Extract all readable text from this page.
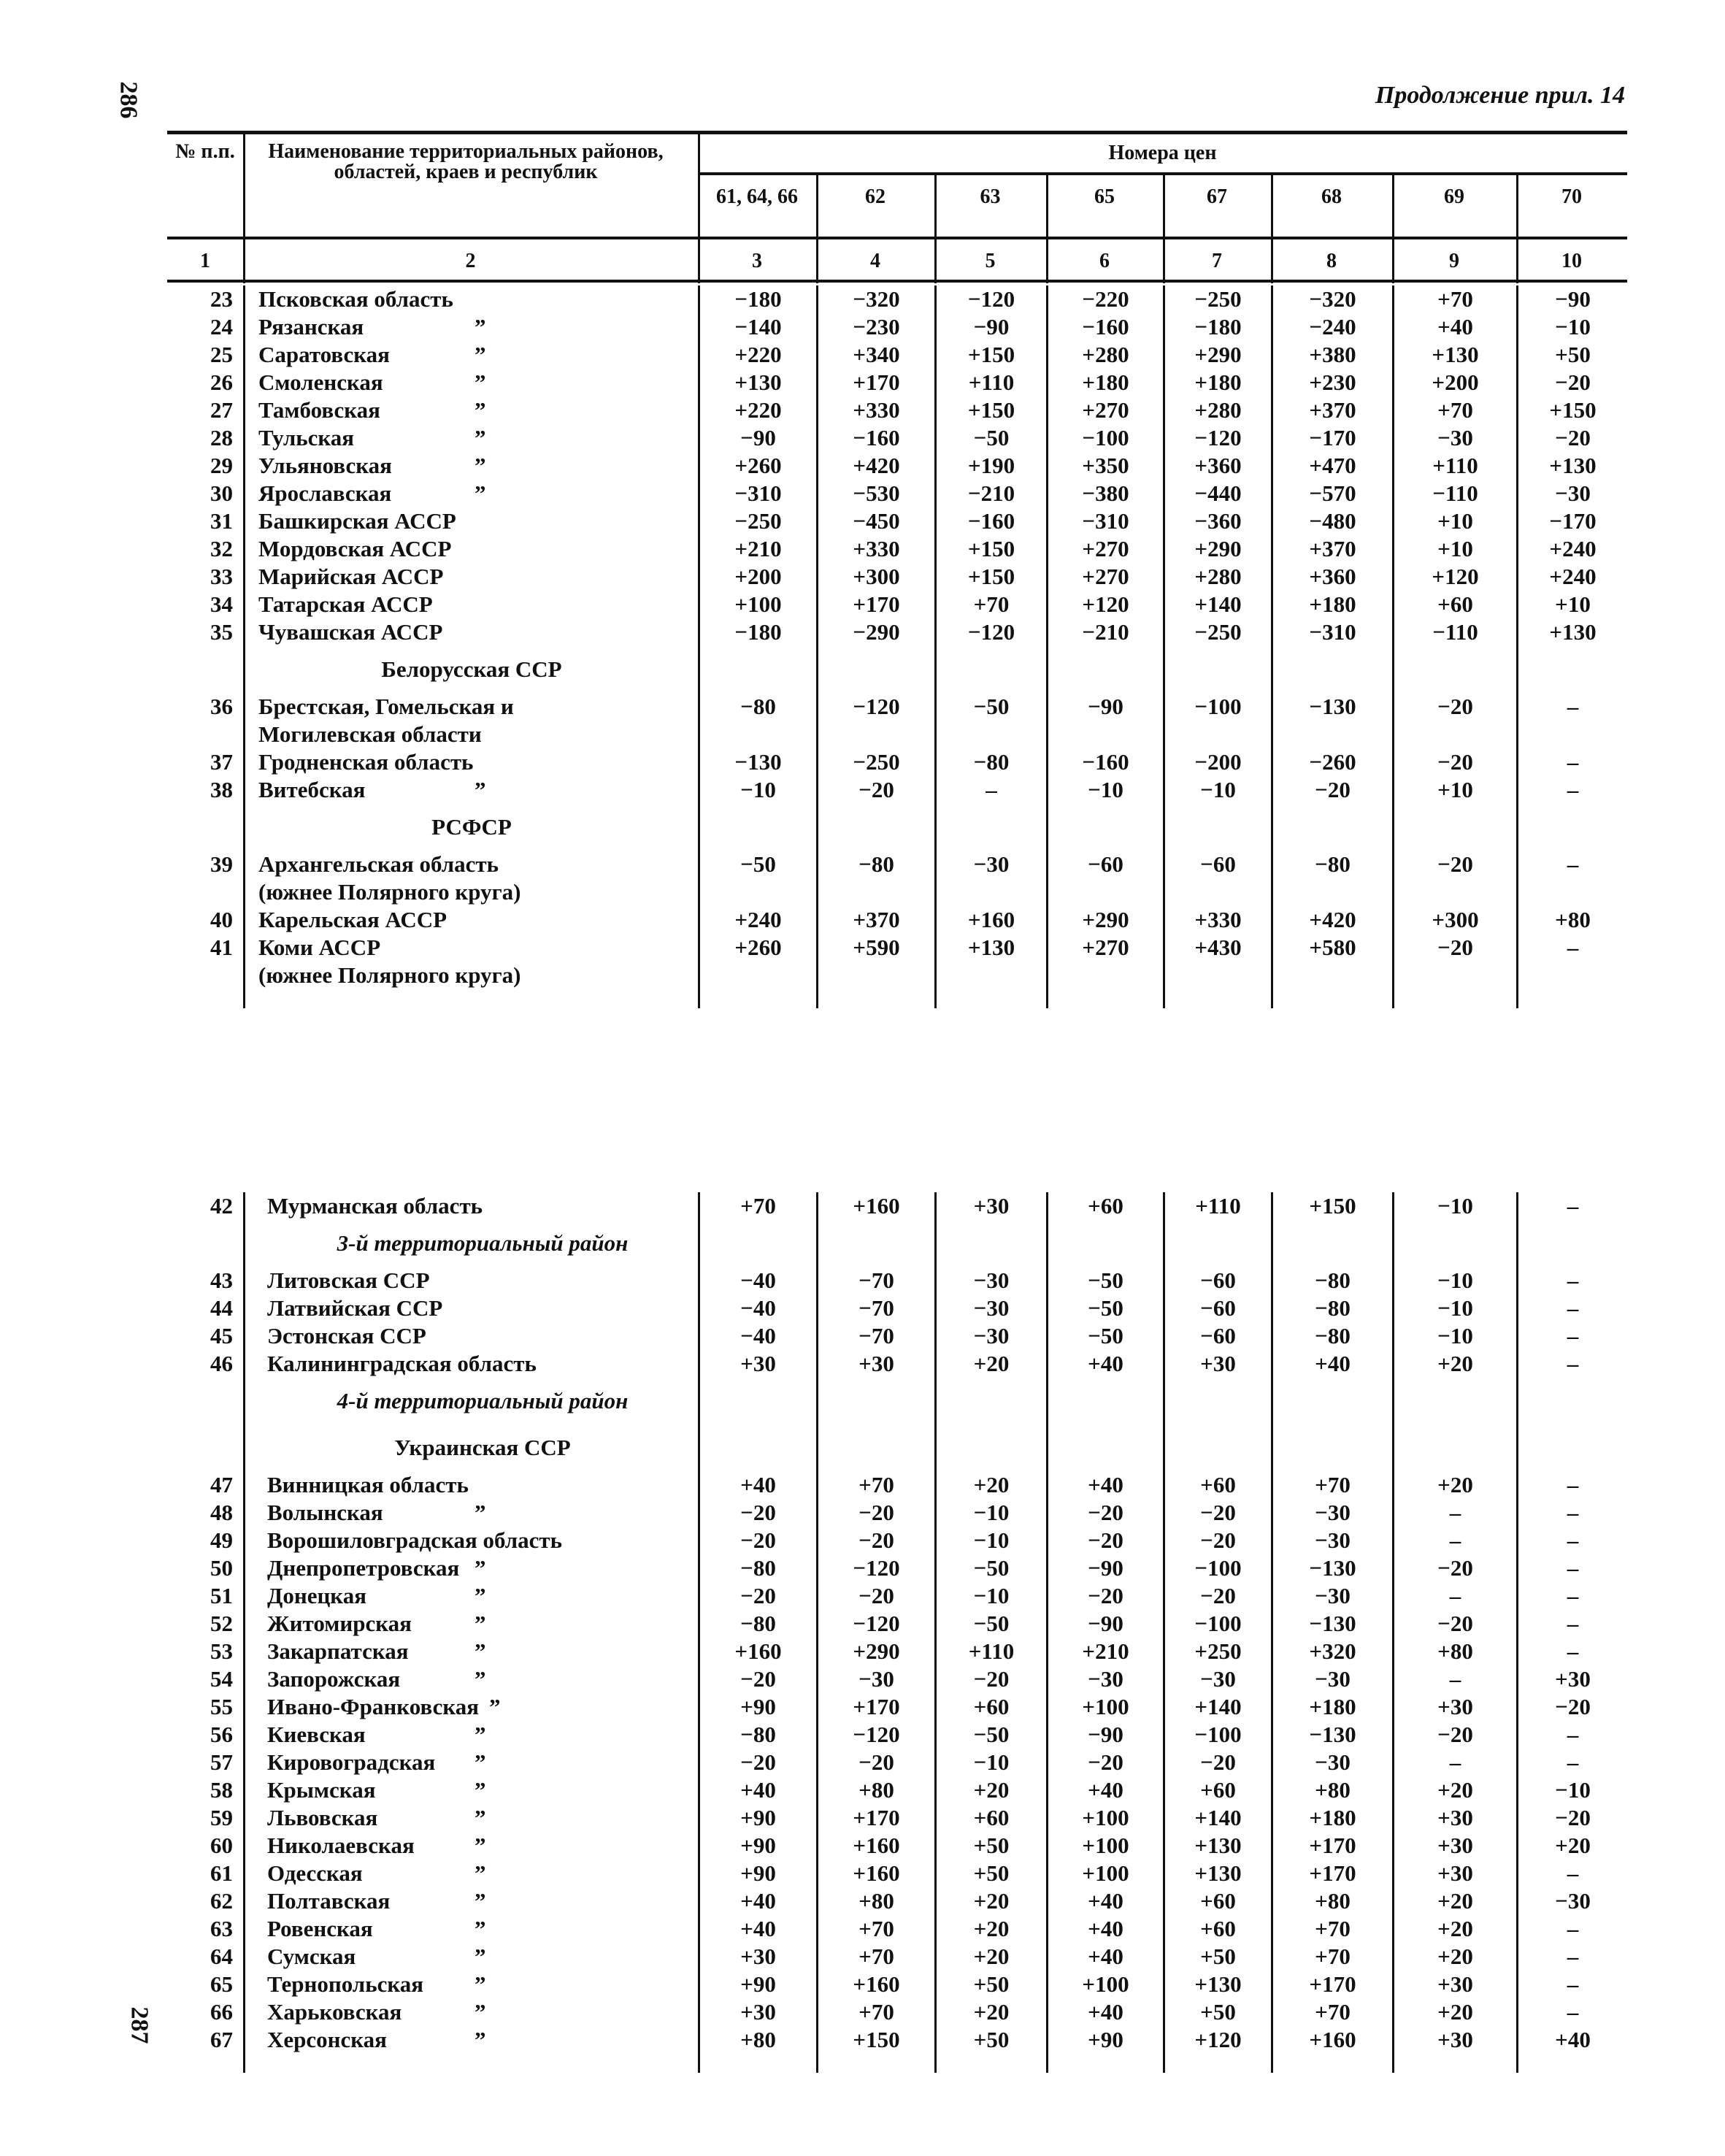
286
287
Продолжение прил. 14
№ п.п.	Наименование территориальных районов, областей, краев и республик
Номера цен
61, 64, 66	62	63	65	67	68	69	70
1	2	3	4	5	6	7	8	9	10
23	Псковская область	−180	−320	−120	−220	−250	−320	+70	−90
24	Рязанская	”	−140	−230	−90	−160	−180	−240	+40	−10
25	Саратовская	”	+220	+340	+150	+280	+290	+380	+130	+50
26	Смоленская	”	+130	+170	+110	+180	+180	+230	+200	−20
27	Тамбовская	”	+220	+330	+150	+270	+280	+370	+70	+150
28	Тульская	”	−90	−160	−50	−100	−120	−170	−30	−20
29	Ульяновская	”	+260	+420	+190	+350	+360	+470	+110	+130
30	Ярославская	”	−310	−530	−210	−380	−440	−570	−110	−30
31	Башкирская АССР	−250	−450	−160	−310	−360	−480	+10	−170
32	Мордовская АССР	+210	+330	+150	+270	+290	+370	+10	+240
33	Марийская АССР	+200	+300	+150	+270	+280	+360	+120	+240
34	Татарская АССР	+100	+170	+70	+120	+140	+180	+60	+10
35	Чувашская АССР	−180	−290	−120	−210	−250	−310	−110	+130
Белорусская ССР
36	Брестская, Гомельская и	−80	−120	−50	−90	−100	−130	−20	–
Могилевская области
37	Гродненская область	−130	−250	−80	−160	−200	−260	−20	–
38	Витебская	”	−10	−20	–	−10	−10	−20	+10	–
РСФСР
39	Архангельская область	−50	−80	−30	−60	−60	−80	−20	–
(южнее Полярного круга)
40	Карельская АССР	+240	+370	+160	+290	+330	+420	+300	+80
41	Коми АССР	+260	+590	+130	+270	+430	+580	−20	–
(южнее Полярного круга)
42	Мурманская область	+70	+160	+30	+60	+110	+150	−10	–
3-й территориальный район
43	Литовская ССР	−40	−70	−30	−50	−60	−80	−10	–
44	Латвийская ССР	−40	−70	−30	−50	−60	−80	−10	–
45	Эстонская ССР	−40	−70	−30	−50	−60	−80	−10	–
46	Калининградская область	+30	+30	+20	+40	+30	+40	+20	–
4-й территориальный район
Украинская ССР
47	Винницкая область	+40	+70	+20	+40	+60	+70	+20	–
48	Волынская	”	−20	−20	−10	−20	−20	−30	–	–
49	Ворошиловградская область	−20	−20	−10	−20	−20	−30	–	–
50	Днепропетровская ”	−80	−120	−50	−90	−100	−130	−20	–
51	Донецкая	”	−20	−20	−10	−20	−20	−30	–	–
52	Житомирская	”	−80	−120	−50	−90	−100	−130	−20	–
53	Закарпатская	”	+160	+290	+110	+210	+250	+320	+80	–
54	Запорожская	”	−20	−30	−20	−30	−30	−30	–	+30
55	Ивано-Франковская ”	+90	+170	+60	+100	+140	+180	+30	−20
56	Киевская	”	−80	−120	−50	−90	−100	−130	−20	–
57	Кировоградская ”	−20	−20	−10	−20	−20	−30	–	–
58	Крымская	”	+40	+80	+20	+40	+60	+80	+20	−10
59	Львовская	”	+90	+170	+60	+100	+140	+180	+30	−20
60	Николаевская	”	+90	+160	+50	+100	+130	+170	+30	+20
61	Одесская	”	+90	+160	+50	+100	+130	+170	+30	–
62	Полтавская	”	+40	+80	+20	+40	+60	+80	+20	−30
63	Ровенская	”	+40	+70	+20	+40	+60	+70	+20	–
64	Сумская	”	+30	+70	+20	+40	+50	+70	+20	–
65	Тернопольская ”	+90	+160	+50	+100	+130	+170	+30	–
66	Харьковская	”	+30	+70	+20	+40	+50	+70	+20	–
67	Херсонская	”	+80	+150	+50	+90	+120	+160	+30	+40
